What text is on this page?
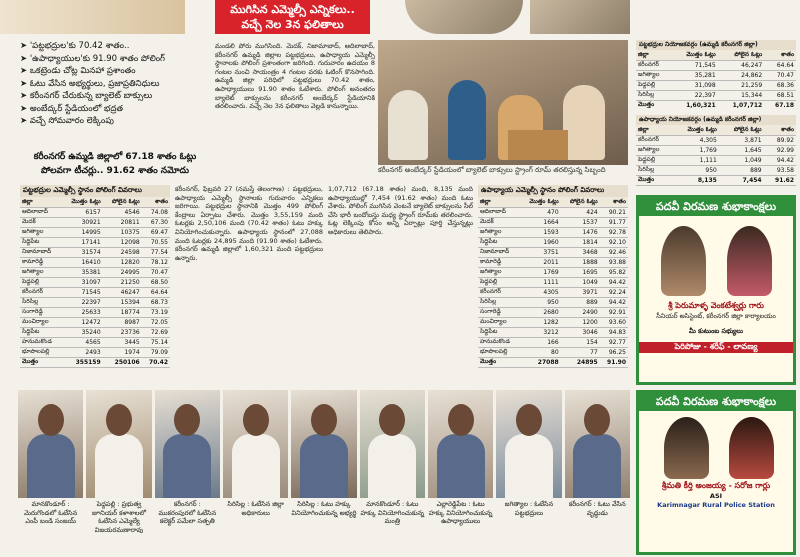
ముగిసిన ఎమ్మెల్సీ ఎన్నికలు..
వచ్చే నెల 3న ఫలితాలు
➤ 'పట్టభద్రుల'కు 70.42 శాతం..
➤ 'ఉపాధ్యాయుల'కు 91.90 శాతం పోలింగ్
➤ ఒకట్రెండు చోట్ల మినహా ప్రశాంతం
➤ ఓటు వేసిన అభ్యర్థులు, ప్రజాప్రతినిధులు
➤ కరీంనగర్ చేరుకున్న బ్యాలెట్ బాక్సులు
➤ అంబేద్కర్ స్టేడియంలో భద్రత
➤ వచ్చే సోమవారం లెక్కింపు
కరీంనగర్ ఉమ్మడి జిల్లాలో 67.18 శాతం ఓట్లు పోలవగా టీచర్లు.. 91.62 శాతం నమోదు
మండలి పోరు ముగిసింది. మెదక్, నిజామాబాద్, ఆదిలాబాద్, కరీంనగర్ ఉమ్మడి జిల్లాల పట్టభద్రులు, ఉపాధ్యాయ ఎమ్మెల్సీ స్థానాలకు పోలింగ్ ప్రశాంతంగా జరిగింది. గురువారం ఉదయం 8 గంటల నుంచి సాయంత్రం 4 గంటల వరకు ఓటింగ్ కొనసాగింది. ఉమ్మడి జిల్లా పరిధిలో పట్టభద్రులు 70.42 శాతం, ఉపాధ్యాయులు 91.90 శాతం ఓటేశారు. పోలింగ్ అనంతరం బ్యాలెట్ బాక్సులను కరీంనగర్ అంబేద్కర్ స్టేడియానికి తరలించారు. వచ్చే నెల 3న ఫలితాలు వెల్లడి కానున్నాయి.
కరీంనగర్ అంబేద్కర్ స్టేడియంలో బ్యాలెట్ బాక్సులు స్ట్రాంగ్ రూమ్ తరలిస్తున్న సిబ్బంది
పట్టభద్రుల ఎమ్మెల్సీ స్థానం పోలింగ్ వివరాలు
జిల్లా	మొత్తం ఓట్లు	పోలైన ఓట్లు	శాతం
ఆదిలాబాద్	6157	4546	74.08
మెదక్	30921	20811	67.30
జగిత్యాల	14995	10375	69.47
సిద్దిపేట	17141	12098	70.55
నిజామాబాద్	31574	24598	77.54
కామారెడ్డి	16410	12820	78.12
జగిత్యాల	35381	24995	70.47
పెద్దపల్లి	31097	21250	68.50
కరీంనగర్	71545	46247	64.64
సిరిసిల్ల	22397	15394	68.73
సంగారెడ్డి	25633	18774	73.19
మంచిర్యాల	12472	8987	72.05
సిద్దిపేట	35240	23736	72.69
హనుమకొండ	4565	3445	75.14
భూపాలపల్లి	2493	1974	79.09
మొత్తం	355159	250106	70.42
కరీంనగర్, ఫిబ్రవరి 27 (నమస్తే తెలంగాణ) : పట్టభద్రులు, ఉపాధ్యాయ ఎమ్మెల్సీ స్థానాలకు గురువారం ఎన్నికలు జరిగాయి. పట్టభద్రుల స్థానానికి మొత్తం 499 పోలింగ్ కేంద్రాలు ఏర్పాటు చేశారు. మొత్తం 3,55,159 మంది ఓటర్లకు 2,50,106 మంది (70.42 శాతం) ఓటు హక్కు వినియోగించుకున్నారు. ఉపాధ్యాయ స్థానంలో 27,088 మంది ఓటర్లకు 24,895 మంది (91.90 శాతం) ఓటేశారు. కరీంనగర్ ఉమ్మడి జిల్లాలో 1,60,321 మంది పట్టభద్రులు ఉన్నారు.
1,07,712 (67.18 శాతం) మంది, 8,135 మంది ఉపాధ్యాయుల్లో 7,454 (91.62 శాతం) మంది ఓటు వేశారు. పోలింగ్ ముగిసిన వెంటనే బ్యాలెట్ బాక్సులను సీల్ చేసి భారీ బందోబస్తు మధ్య స్ట్రాంగ్ రూమ్‌కు తరలించారు. ఓట్ల లెక్కింపు కోసం అన్ని ఏర్పాట్లు పూర్తి చేస్తున్నట్లు అధికారులు తెలిపారు.
ఉపాధ్యాయ ఎమ్మెల్సీ స్థానం పోలింగ్ వివరాలు
జిల్లా	మొత్తం ఓట్లు	పోలైన ఓట్లు	శాతం
ఆదిలాబాద్	470	424	90.21
మెదక్	1664	1537	91.77
జగిత్యాల	1593	1476	92.78
సిద్దిపేట	1960	1814	92.10
నిజామాబాద్	3751	3468	92.46
కామారెడ్డి	2011	1888	93.88
జగిత్యాల	1769	1695	95.82
పెద్దపల్లి	1111	1049	94.42
కరీంనగర్	4305	3971	92.24
సిరిసిల్ల	950	889	94.42
సంగారెడ్డి	2680	2490	92.91
మంచిర్యాల	1282	1200	93.60
సిద్దిపేట	3212	3046	94.83
హనుమకొండ	166	154	92.77
భూపాలపల్లి	80	77	96.25
మొత్తం	27088	24895	91.90
పట్టభద్రుల నియోజకవర్గం (ఉమ్మడి కరీంనగర్ జిల్లా)
జిల్లా	మొత్తం ఓట్లు	పోలైన ఓట్లు	శాతం
కరీంనగర్	71,545	46,247	64.64
జగిత్యాల	35,281	24,862	70.47
పెద్దపల్లి	31,098	21,259	68.36
సిరిసిల్ల	22,397	15,344	68.51
మొత్తం	1,60,321	1,07,712	67.18
ఉపాధ్యాయ నియోజకవర్గం (ఉమ్మడి కరీంనగర్ జిల్లా)
జిల్లా	మొత్తం ఓట్లు	పోలైన ఓట్లు	శాతం
కరీంనగర్	4,305	3,871	89.92
జగిత్యాల	1,769	1,645	92.99
పెద్దపల్లి	1,111	1,049	94.42
సిరిసిల్ల	950	889	93.58
మొత్తం	8,135	7,454	91.62
పదవీ విరమణ శుభాకాంక్షలు
శ్రీ పెరుమాళ్ళ వెంకటేశ్వర్లు గారు
సీనియర్ అసిస్టెంట్, కరీంనగర్ జిల్లా కార్యాలయం
మీ కుటుంబ సభ్యులు
పెరిపోజు - శరీఫ్ - లావణ్య
పదవీ విరమణ శుభాకాంక్షలు
శ్రీమతి కీర్తి అంజయ్య - సరోజ గార్లు
ASI
Karimnagar Rural Police Station
మానకొండూర్ : మెరుగొండలో ఓటేసిన ఎంపీ బండి సంజయ్
పెద్దపల్లి : ప్రభుత్వ జూనియర్ కళాశాలలో ఓటేసిన ఎమ్మెల్యే విజయరమణారావు
కరీంనగర్ : ముకరంపురలో ఓటేసిన కలెక్టర్ పమేలా సత్పతి
సిరిసిల్ల : ఓటేసిన జిల్లా అధికారులు
సిరిసిల్ల : ఓటు హక్కు వినియోగించుకున్న అభ్యర్థి
మానకొండూర్ : ఓటు హక్కు వినియోగించుకున్న మంత్రి
ఎల్లారెడ్డిపేట : ఓటు హక్కు వినియోగించుకున్న ఉపాధ్యాయులు
జగిత్యాల : ఓటేసిన పట్టభద్రులు
కరీంనగర్ : ఓటు వేసిన వృద్ధుడు
